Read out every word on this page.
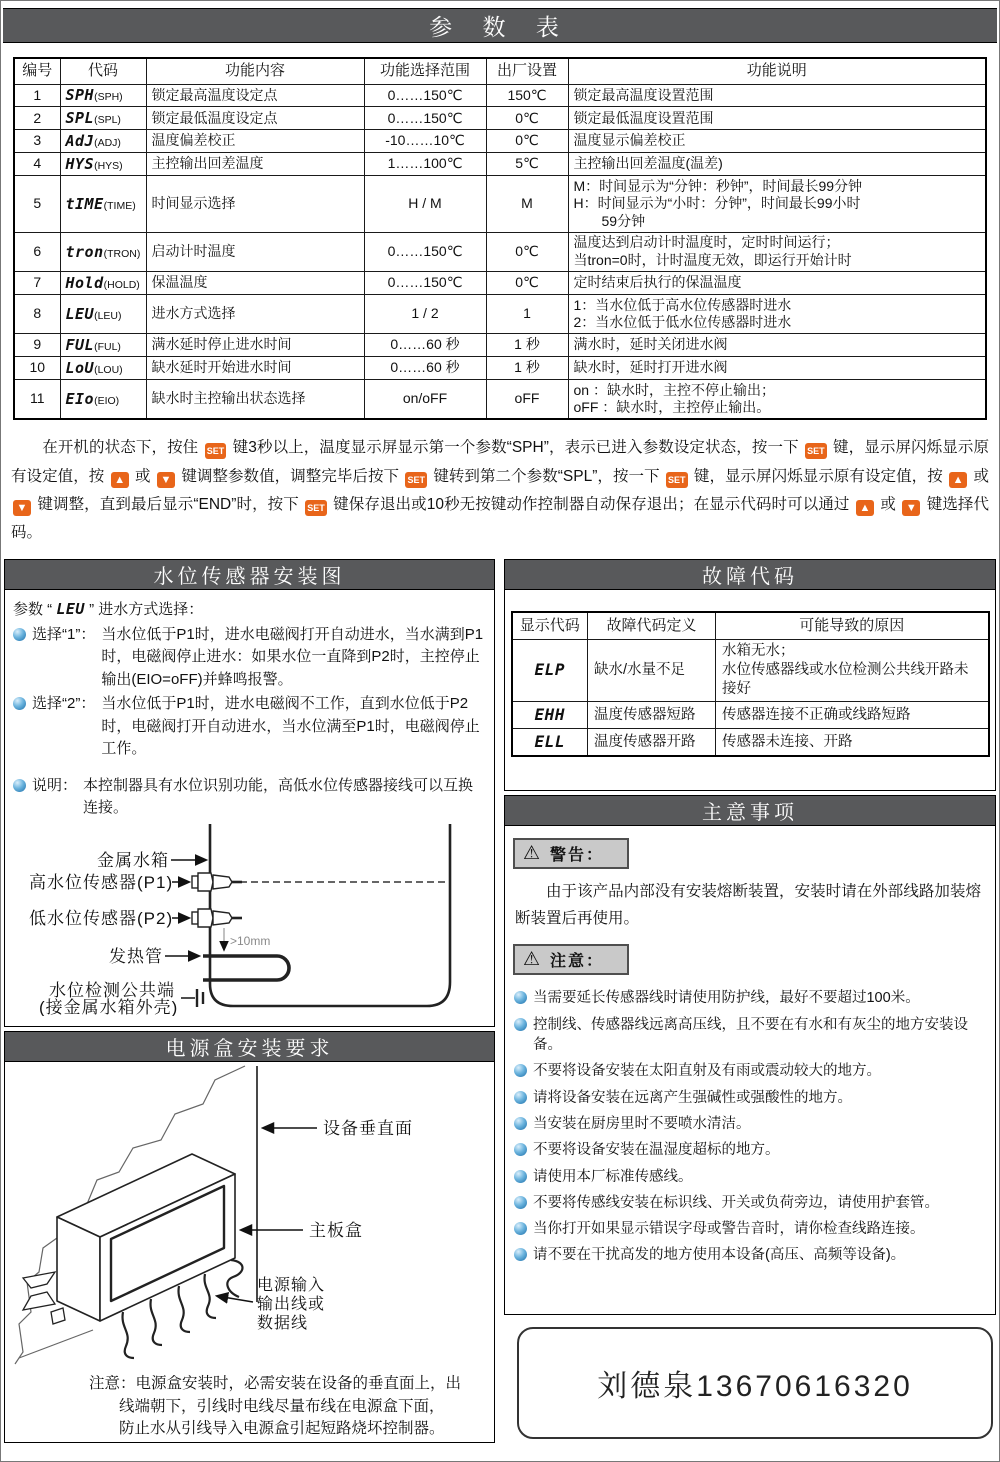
参 数 表
编号	代码	功能内容	功能选择范围	出厂设置	功能说明
1	SPH(SPH)	锁定最高温度设定点	0……150℃	150℃	锁定最高温度设置范围

2	SPL(SPL)	锁定最低温度设定点	0……150℃	0℃	锁定最低温度设置范围

3	AdJ(ADJ)	温度偏差校正	-10……10℃	0℃	温度显示偏差校正

4	HYS(HYS)	主控输出回差温度	1……100℃	5℃	主控输出回差温度(温差)

5	tIME(TIME)	时间显示选择	H / M	M	M：时间显示为“分钟：秒钟”，时间最长99分钟
H：时间显示为“小时：分钟”，时间最长99小时
　　59分钟

6	tron(TRON)	启动计时温度	0……150℃	0℃	温度达到启动计时温度时，定时时间运行；
当tron=0时，计时温度无效，即运行开始计时

7	Hold(HOLD)	保温温度	0……150℃	0℃	定时结束后执行的保温温度

8	LEU(LEU)	进水方式选择	1 / 2	1	1：当水位低于高水位传感器时进水
2：当水位低于低水位传感器时进水

9	FUL(FUL)	满水延时停止进水时间	0……60 秒	1 秒	满水时，延时关闭进水阀

10	LoU(LOU)	缺水延时开始进水时间	0……60 秒	1 秒	缺水时，延时打开进水阀

11	EIo(EIO)	缺水时主控输出状态选择	on/oFF	oFF	on ：缺水时，主控不停止输出；
oFF ：缺水时，主控停止输出。
　　在开机的状态下，按住 SET 键3秒以上，温度显示屏显示第一个参数“SPH”，表示已进入参数设定状态，按一下 SET 键，显示屏闪烁显示原有设定值，按 ▲ 或 ▼ 键调整参数值，调整完毕后按下 SET 键转到第二个参数“SPL”，按一下 SET 键，显示屏闪烁显示原有设定值，按 ▲ 或 ▼ 键调整，直到最后显示“END”时，按下 SET 键保存退出或10秒无按键动作控制器自动保存退出；在显示代码时可以通过 ▲ 或 ▼ 键选择代码。
水位传感器安装图
参数 “ LEU ” 进水方式选择：
选择“1”： 当水位低于P1时，进水电磁阀打开自动进水，当水满到P1时，电磁阀停止进水：如果水位一直降到P2时，主控停止输出(EIO=oFF)并蜂鸣报警。
选择“2”： 当水位低于P1时，进水电磁阀不工作，直到水位低于P2时，电磁阀打开自动进水，当水位满至P1时，电磁阀停止工作。
说明： 本控制器具有水位识别功能，高低水位传感器接线可以互换连接。
>10mm
金属水箱
高水位传感器(P1)
低水位传感器(P2)
发热管
水位检测公共端
(接金属水箱外壳)
电源盒安装要求
设备垂直面
主板盒
电源输入
输出线或
数据线
注意：电源盒安装时，必需安装在设备的垂直面上，出
线端朝下，引线时电线尽量布线在电源盒下面，
防止水从引线导入电源盒引起短路烧坏控制器。
故障代码
显示代码	故障代码定义	可能导致的原因
ELP	缺水/水量不足	水箱无水；
水位传感器线或水位检测公共线开路未接好

EHH	温度传感器短路	传感器连接不正确或线路短路

ELL	温度传感器开路	传感器未连接、开路
主意事项
⚠ 警告：
由于该产品内部没有安装熔断装置，安装时请在外部线路加装熔断装置后再使用。
⚠ 注意：
当需要延长传感器线时请使用防护线，最好不要超过100米。
控制线、传感器线远离高压线，且不要在有水和有灰尘的地方安装设备。
不要将设备安装在太阳直射及有雨或震动较大的地方。
请将设备安装在远离产生强碱性或强酸性的地方。
当安装在厨房里时不要喷水清洁。
不要将设备安装在温湿度超标的地方。
请使用本厂标准传感线。
不要将传感线安装在标识线、开关或负荷旁边，请使用护套管。
当你打开如果显示错误字母或警告音时，请你检查线路连接。
请不要在干扰高发的地方使用本设备(高压、高频等设备)。
刘德泉13670616320
